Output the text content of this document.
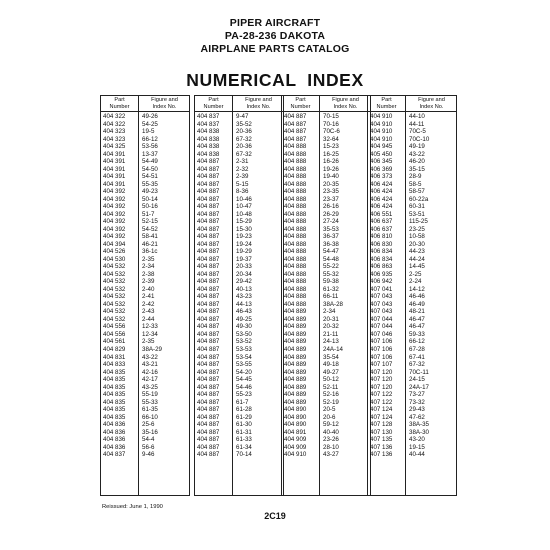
PIPER AIRCRAFT
PA-28-236 DAKOTA
AIRPLANE PARTS CATALOG
NUMERICAL  INDEX
Part
Number
Figure and
Index No.
404 322	49-26
404 322	54-25
404 323	19-5
404 323	66-12
404 325	53-56
404 391	13-37
404 391	54-49
404 391	54-50
404 391	54-51
404 391	55-35
404 392	49-23
404 392	50-14
404 392	50-16
404 392	51-7
404 392	52-15
404 392	54-52
404 392	58-41
404 394	46-21
404 526	36-1c
404 530	2-35
404 532	2-34
404 532	2-38
404 532	2-39
404 532	2-40
404 532	2-41
404 532	2-42
404 532	2-43
404 532	2-44
404 556	12-33
404 556	12-34
404 561	2-35
404 829	38A-29
404 831	43-22
404 833	43-21
404 835	42-16
404 835	42-17
404 835	43-25
404 835	55-19
404 835	55-33
404 835	61-35
404 835	66-10
404 836	25-6
404 836	35-16
404 836	54-4
404 836	56-6
404 837	9-46
Part
Number
Figure and
Index No.
404 837	9-47
404 837	35-52
404 838	20-36
404 838	67-32
404 838	20-36
404 838	67-32
404 887	2-31
404 887	2-32
404 887	2-39
404 887	5-15
404 887	8-36
404 887	10-46
404 887	10-47
404 887	10-48
404 887	15-29
404 887	15-30
404 887	19-23
404 887	19-24
404 887	19-29
404 887	19-37
404 887	20-33
404 887	20-34
404 887	29-42
404 887	40-13
404 887	43-23
404 887	44-13
404 887	46-43
404 887	49-25
404 887	49-30
404 887	53-50
404 887	53-52
404 887	53-53
404 887	53-54
404 887	53-55
404 887	54-20
404 887	54-45
404 887	54-46
404 887	55-23
404 887	61-7
404 887	61-28
404 887	61-29
404 887	61-30
404 887	61-31
404 887	61-33
404 887	61-34
404 887	70-14
Part
Number
Figure and
Index No.
404 887	70-15
404 887	70-16
404 887	70C-6
404 887	32-64
404 888	15-23
404 888	16-25
404 888	16-26
404 888	19-26
404 888	19-40
404 888	20-35
404 888	23-35
404 888	23-37
404 888	26-16
404 888	26-29
404 888	27-24
404 888	35-53
404 888	36-37
404 888	36-38
404 888	54-47
404 888	54-48
404 888	55-22
404 888	55-32
404 888	59-38
404 888	61-32
404 888	66-11
404 888	38A-28
404 889	2-34
404 889	20-31
404 889	20-32
404 889	21-11
404 889	24-13
404 889	24A-14
404 889	35-54
404 889	49-18
404 889	49-27
404 889	50-12
404 889	52-11
404 889	52-16
404 889	52-19
404 890	20-5
404 890	20-6
404 890	59-12
404 891	40-40
404 909	23-26
404 909	28-10
404 910	43-27
Part
Number
Figure and
Index No.
404 910	44-10
404 910	44-11
404 910	70C-5
404 910	70C-10
404 945	49-19
405 450	43-22
406 345	46-20
406 369	35-15
406 373	28-9
406 424	58-5
406 424	58-57
406 424	60-22a
406 424	60-31
406 551	53-51
406 637	115-25
406 637	23-25
406 810	10-58
406 830	20-30
406 834	44-23
406 834	44-24
406 863	14-45
406 935	2-25
406 942	2-24
407 041	14-12
407 043	46-46
407 043	46-49
407 043	48-21
407 044	46-47
407 044	46-47
407 046	59-33
407 106	66-12
407 106	67-28
407 106	67-41
407 107	67-32
407 120	70C-11
407 120	24-15
407 120	24A-17
407 122	73-27
407 122	73-32
407 124	29-43
407 124	47-62
407 128	38A-35
407 130	38A-30
407 135	43-20
407 136	19-15
407 136	40-44
Reissued: June 1, 1990
2C19
